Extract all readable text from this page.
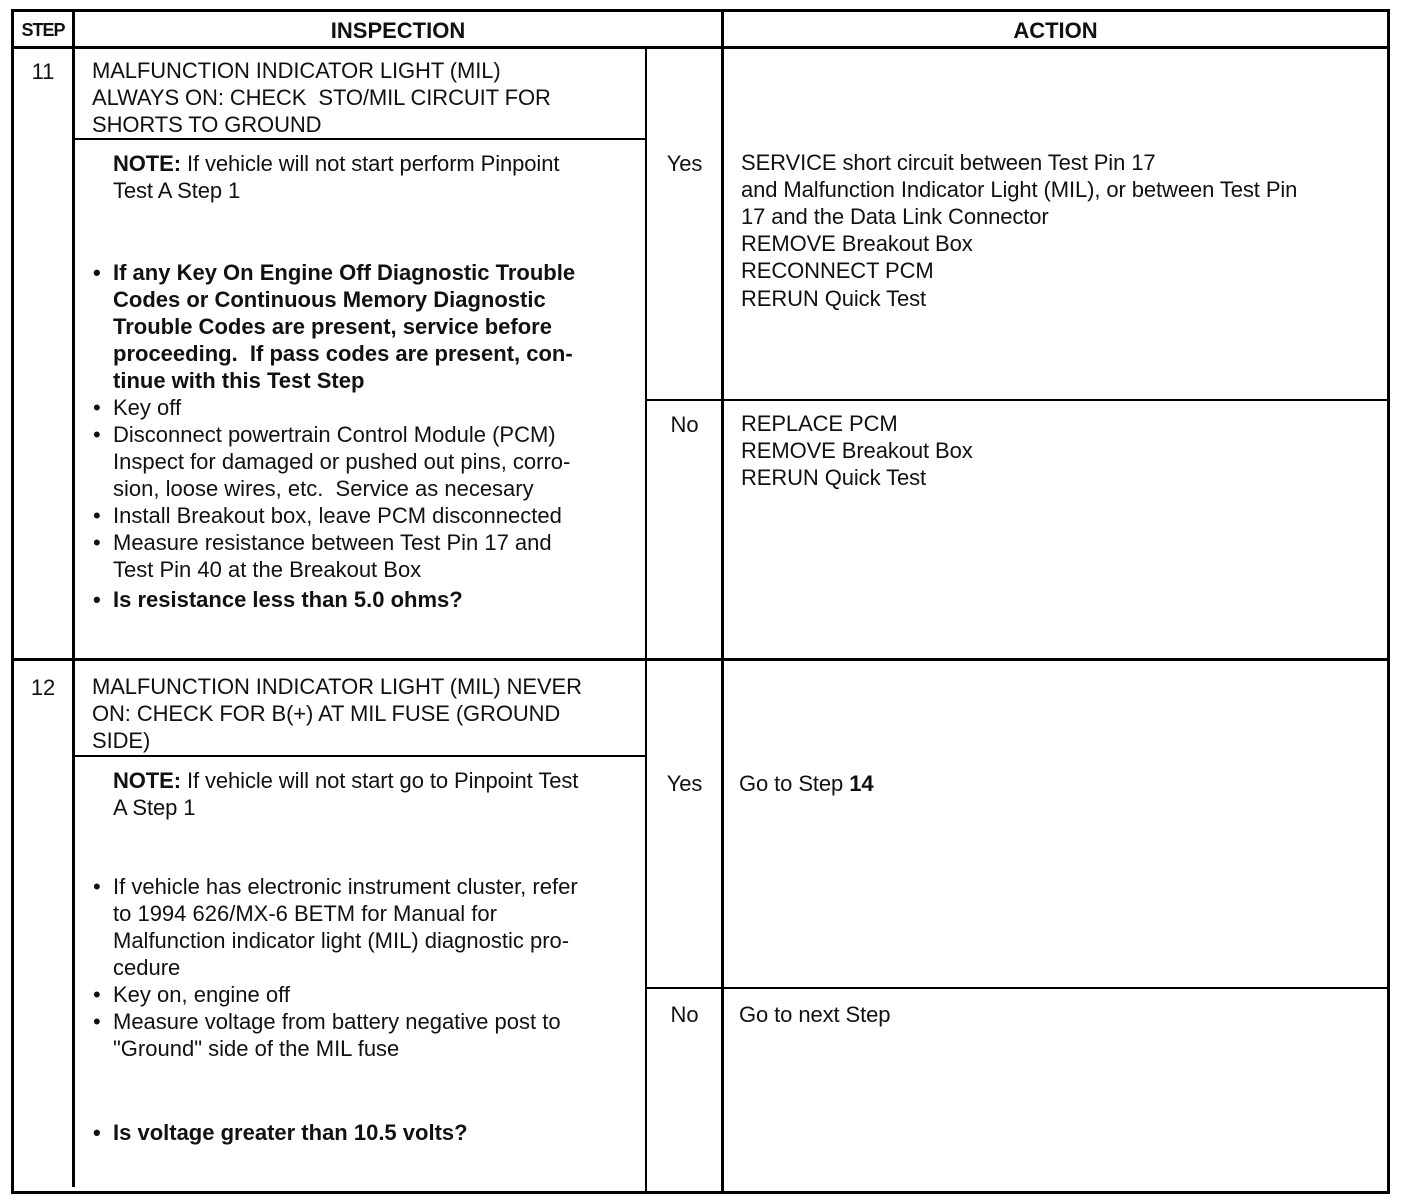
STEP	INSPECTION	ACTION
11	MALFUNCTION INDICATOR LIGHT (MIL)
ALWAYS ON: CHECK  STO/MIL CIRCUIT FOR
SHORTS TO GROUND
NOTE: If vehicle will not start perform Pinpoint
Test A Step 1
• If any Key On Engine Off Diagnostic Trouble
Codes or Continuous Memory Diagnostic
Trouble Codes are present, service before
proceeding.  If pass codes are present, con-
tinue with this Test Step
• Key off
• Disconnect powertrain Control Module (PCM)
Inspect for damaged or pushed out pins, corro-
sion, loose wires, etc.  Service as necesary
• Install Breakout box, leave PCM disconnected
• Measure resistance between Test Pin 17 and
Test Pin 40 at the Breakout Box
• Is resistance less than 5.0 ohms?
Yes	SERVICE short circuit between Test Pin 17
and Malfunction Indicator Light (MIL), or between Test Pin
17 and the Data Link Connector
REMOVE Breakout Box
RECONNECT PCM
RERUN Quick Test
No	REPLACE PCM
REMOVE Breakout Box
RERUN Quick Test
12	MALFUNCTION INDICATOR LIGHT (MIL) NEVER
ON: CHECK FOR B(+) AT MIL FUSE (GROUND
SIDE)
NOTE: If vehicle will not start go to Pinpoint Test
A Step 1
• If vehicle has electronic instrument cluster, refer
to 1994 626/MX-6 BETM for Manual for
Malfunction indicator light (MIL) diagnostic pro-
cedure
• Key on, engine off
• Measure voltage from battery negative post to
"Ground" side of the MIL fuse
• Is voltage greater than 10.5 volts?
Yes	Go to Step 14
No	Go to next Step
